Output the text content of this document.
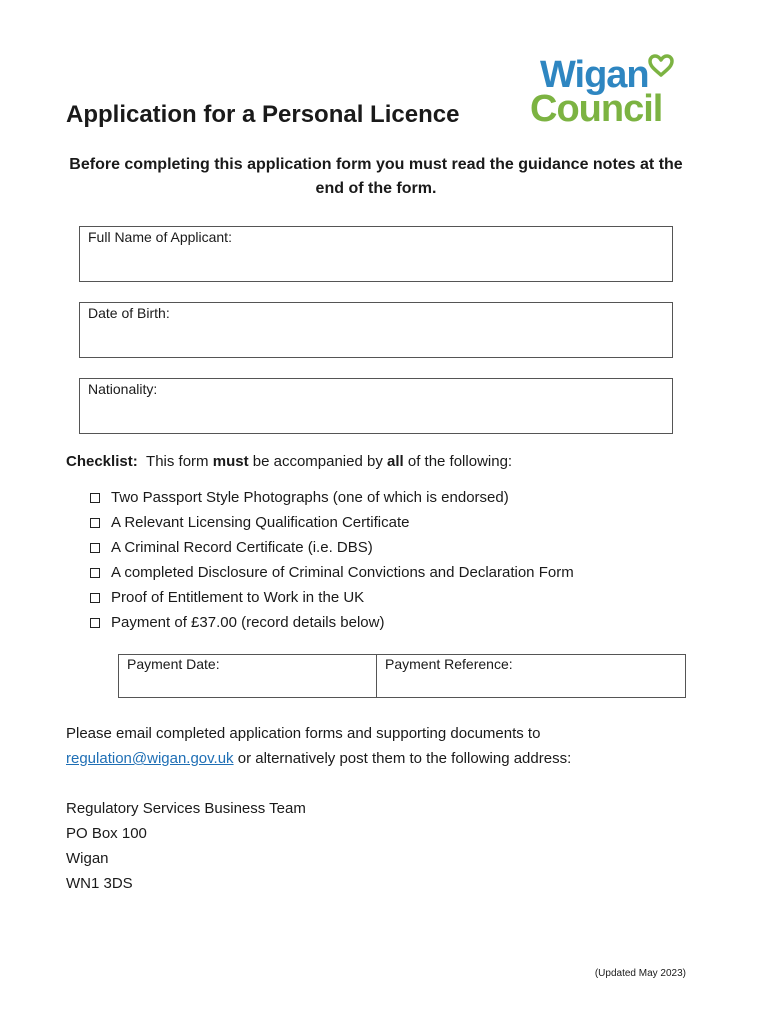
Application for a Personal Licence
Wigan
Council
Before completing this application form you must read the guidance notes at the end of the form.
Full Name of Applicant:
Date of Birth:
Nationality:
Checklist: This form must be accompanied by all of the following:
Two Passport Style Photographs (one of which is endorsed)
A Relevant Licensing Qualification Certificate
A Criminal Record Certificate (i.e. DBS)
A completed Disclosure of Criminal Convictions and Declaration Form
Proof of Entitlement to Work in the UK
Payment of £37.00 (record details below)
Payment Date:	Payment Reference:
Please email completed application forms and supporting documents to
regulation@wigan.gov.uk or alternatively post them to the following address:
Regulatory Services Business Team
PO Box 100
Wigan
WN1 3DS
(Updated May 2023)
